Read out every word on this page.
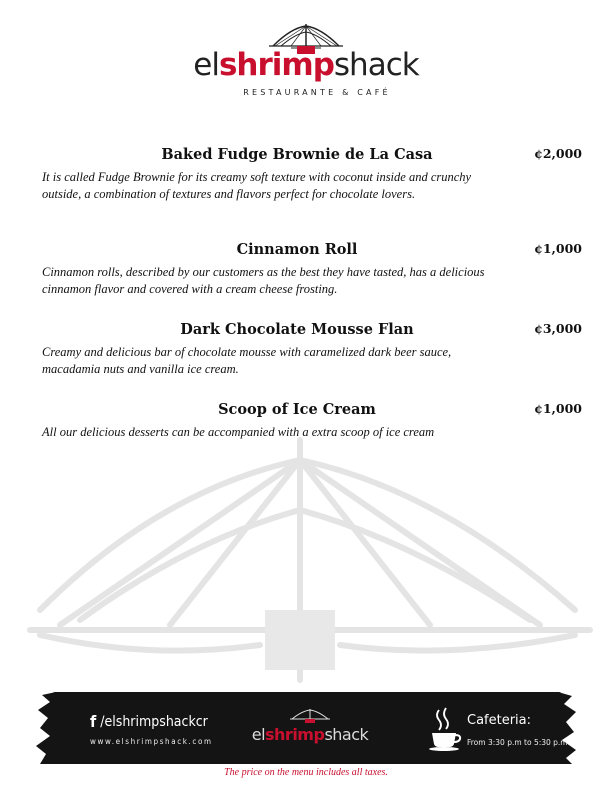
elshrimpshack
RESTAURANTE & CAFÉ
Baked Fudge Brownie de La Casa	¢2,000
It is called Fudge Brownie for its creamy soft texture with coconut inside and crunchy outside, a combination of textures and flavors perfect for chocolate lovers.
Cinnamon Roll	¢1,000
Cinnamon rolls, described by our customers as the best they have tasted, has a delicious cinnamon flavor and covered with a cream cheese frosting.
Dark Chocolate Mousse Flan	¢3,000
Creamy and delicious bar of chocolate mousse with caramelized dark beer sauce, macadamia nuts and vanilla ice cream.
Scoop of Ice Cream	¢1,000
All our delicious desserts can be accompanied with a extra scoop of ice cream
f /elshrimpshackcr
www.elshrimpshack.com	elshrimpshack
Cafeteria:
From 3:30 p.m to 5:30 p.m.
The price on the menu includes all taxes.
